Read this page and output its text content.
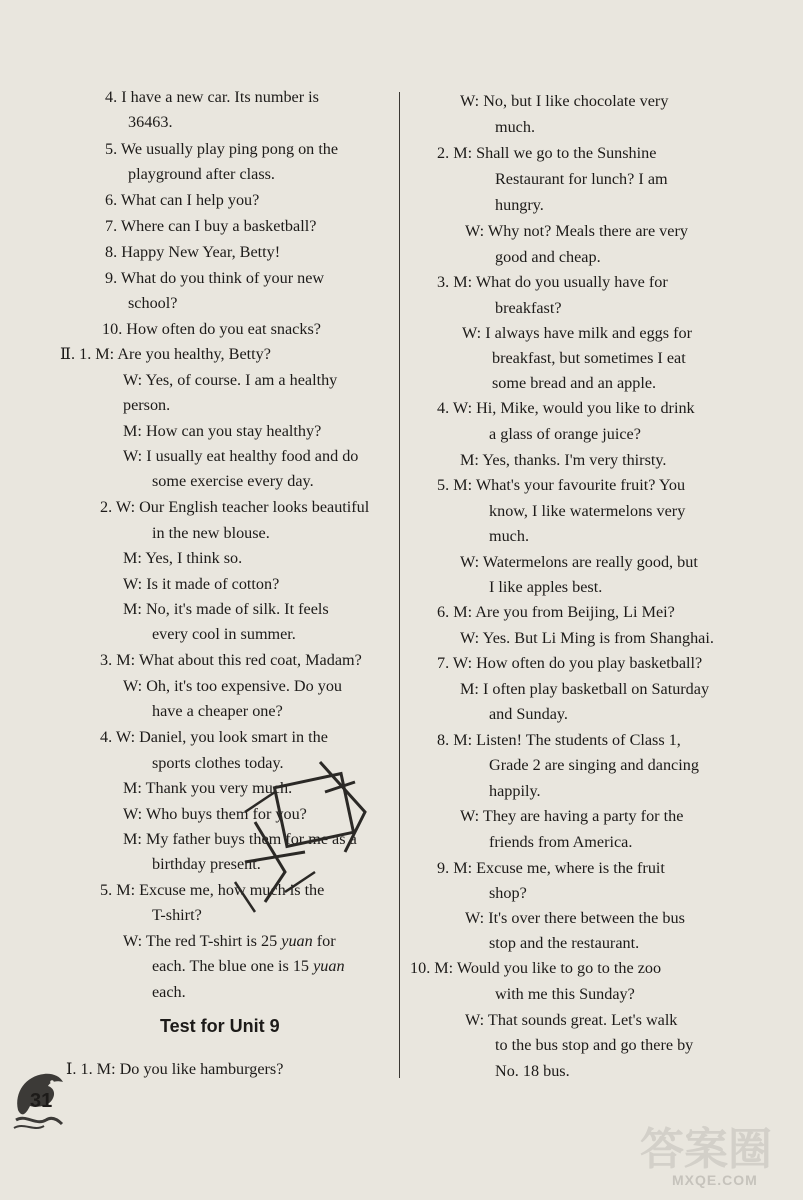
4. I have a new car. Its number is
36463.
5. We usually play ping pong on the
playground after class.
6. What can I help you?
7. Where can I buy a basketball?
8. Happy New Year, Betty!
9. What do you think of your new
school?
10. How often do you eat snacks?
Ⅱ. 1. M: Are you healthy, Betty?
W: Yes, of course. I am a healthy
person.
M: How can you stay healthy?
W: I usually eat healthy food and do
some exercise every day.
2. W: Our English teacher looks beautiful
in the new blouse.
M: Yes, I think so.
W: Is it made of cotton?
M: No, it's made of silk. It feels
every cool in summer.
3. M: What about this red coat, Madam?
W: Oh, it's too expensive. Do you
have a cheaper one?
4. W: Daniel, you look smart in the
sports clothes today.
M: Thank you very much.
W: Who buys them for you?
M: My father buys them for me as a
birthday present.
5. M: Excuse me, how much is the
T-shirt?
W: The red T-shirt is 25 yuan for
each. The blue one is 15 yuan
each.
Ⅰ. 1. M: Do you like hamburgers?
W: No, but I like chocolate very
much.
2. M: Shall we go to the Sunshine
Restaurant for lunch? I am
hungry.
W: Why not? Meals there are very
good and cheap.
3. M: What do you usually have for
breakfast?
W: I always have milk and eggs for
breakfast, but sometimes I eat
some bread and an apple.
4. W: Hi, Mike, would you like to drink
a glass of orange juice?
M: Yes, thanks. I'm very thirsty.
5. M: What's your favourite fruit? You
know, I like watermelons very
much.
W: Watermelons are really good, but
I like apples best.
6. M: Are you from Beijing, Li Mei?
W: Yes. But Li Ming is from Shanghai.
7. W: How often do you play basketball?
M: I often play basketball on Saturday
and Sunday.
8. M: Listen! The students of Class 1,
Grade 2 are singing and dancing
happily.
W: They are having a party for the
friends from America.
9. M: Excuse me, where is the fruit
shop?
W: It's over there between the bus
stop and the restaurant.
10. M: Would you like to go to the zoo
with me this Sunday?
W: That sounds great. Let's walk
to the bus stop and go there by
No. 18 bus.
Test for Unit 9
31
答案圈
MXQE.COM
